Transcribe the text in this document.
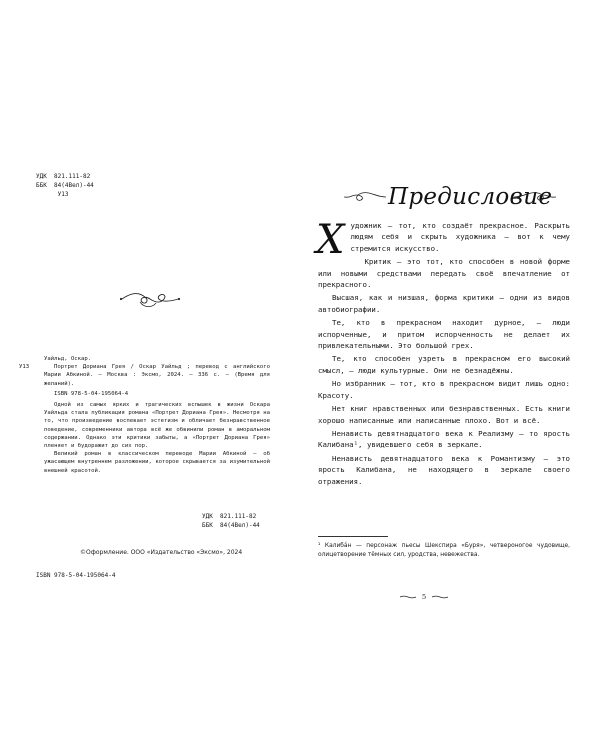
УДК  821.111-82
ББК  84(4Вел)-44
У13
У13
Уайльд, Оскар.
Портрет Дориана Грея / Оскар Уайльд ; перевод с английского Марии Абкиной. — Москва : Эксмо, 2024. — 336 с. — (Время для желаний).
ISBN 978-5-04-195064-4
Одной из самых ярких и трагических вспышек в жизни Оскара Уайльда стала публикация романа «Портрет Дориана Грея». Несмотря на то, что произведение воспевает эстетизм и обличает безнравственное поведение, современники автора всё же обвинили роман в аморальном содержании. Однако эти критики забыты, а «Портрет Дориана Грея» пленяет и будоражит до сих пор.
Великий роман в классическом переводе Марии Абкиной — об ужасающем внутреннем разложении, которое скрывается за изумительной внешней красотой.
УДК  821.111-82
ББК  84(4Вел)-44
©Оформление. ООО «Издательство «Эксмо», 2024
ISBN 978-5-04-195064-4
Предисловие

Художник — тот, кто создаёт прекрасное. Раскрыть людям себя и скрыть художника — вот к чему стремится искусство.

Критик — это тот, кто способен в новой форме или новыми средствами передать своё впечатление от прекрасного.

Высшая, как и низшая, форма критики — одни из видов автобиографии.

Те, кто в прекрасном находит дурное, — люди испорченные, и притом испорченность не делает их привлекательными. Это большой грех.

Те, кто способен узреть в прекрасном его высокий смысл, — люди культурные. Они не безнадёжны.

Но избранник — тот, кто в прекрасном видит лишь одно: Красоту.

Нет книг нравственных или безнравственных. Есть книги хорошо написанные или написанные плохо. Вот и всё.

Ненависть девятнадцатого века к Реализму — то ярость Калибана¹, увидевшего себя в зеркале.

Ненависть девятнадцатого века к Романтизму — это ярость Калибана, не находящего в зеркале своего отражения.

¹ Калиба́н — персонаж пьесы Шекспира «Буря», четвероногое чудовище, олицетворение тёмных сил, уродства, невежества.
5
